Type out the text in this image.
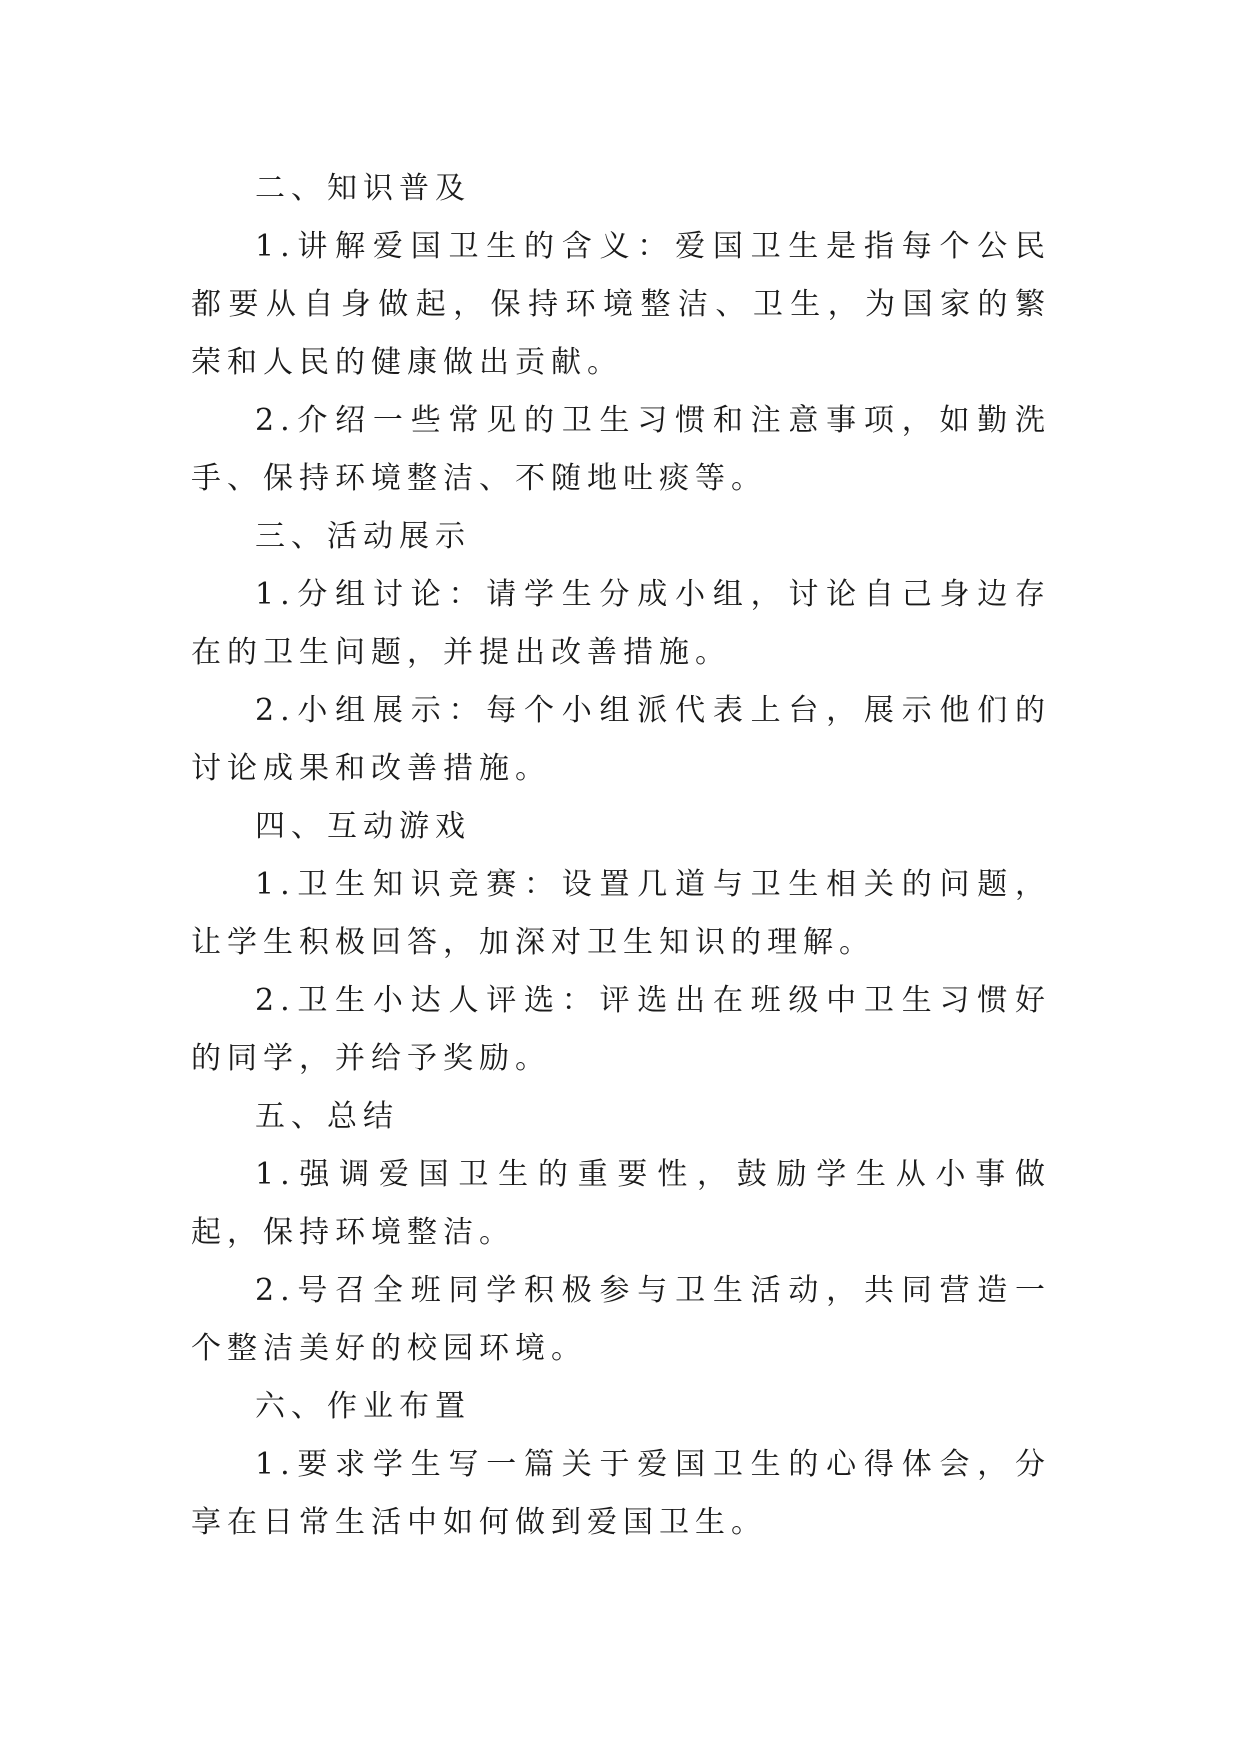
二、知识普及

1.讲解爱国卫生的含义：爱国卫生是指每个公民都要从自身做起，保持环境整洁、卫生，为国家的繁荣和人民的健康做出贡献。

2.介绍一些常见的卫生习惯和注意事项，如勤洗手、保持环境整洁、不随地吐痰等。

三、活动展示

1.分组讨论：请学生分成小组，讨论自己身边存在的卫生问题，并提出改善措施。

2.小组展示：每个小组派代表上台，展示他们的讨论成果和改善措施。

四、互动游戏

1.卫生知识竞赛：设置几道与卫生相关的问题，让学生积极回答，加深对卫生知识的理解。

2.卫生小达人评选：评选出在班级中卫生习惯好的同学，并给予奖励。

五、总结

1.强调爱国卫生的重要性，鼓励学生从小事做起，保持环境整洁。

2.号召全班同学积极参与卫生活动，共同营造一个整洁美好的校园环境。

六、作业布置

1.要求学生写一篇关于爱国卫生的心得体会，分享在日常生活中如何做到爱国卫生。
